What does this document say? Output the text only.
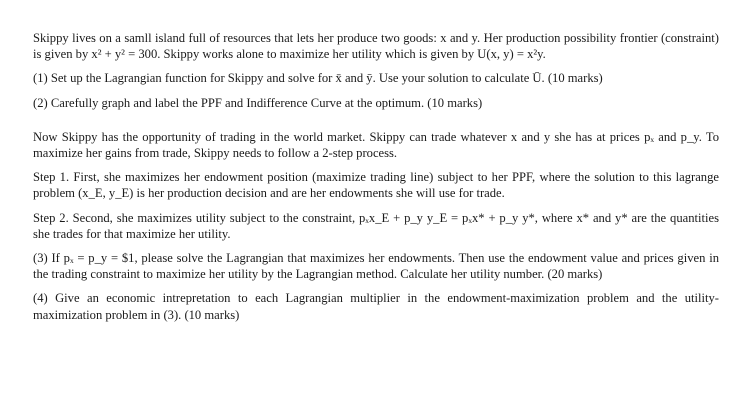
Skippy lives on a samll island full of resources that lets her produce two goods: x and y. Her production possibility frontier (constraint) is given by x² + y² = 300. Skippy works alone to maximize her utility which is given by U(x, y) = x²y.

(1) Set up the Lagrangian function for Skippy and solve for x̄ and ȳ. Use your solution to calculate Ū. (10 marks)

(2) Carefully graph and label the PPF and Indifference Curve at the optimum. (10 marks)

Now Skippy has the opportunity of trading in the world market. Skippy can trade whatever x and y she has at prices pₓ and p_y. To maximize her gains from trade, Skippy needs to follow a 2-step process.

Step 1. First, she maximizes her endowment position (maximize trading line) subject to her PPF, where the solution to this lagrange problem (x_E, y_E) is her production decision and are her endowments she will use for trade.

Step 2. Second, she maximizes utility subject to the constraint, pₓx_E + p_y y_E = pₓx* + p_y y*, where x* and y* are the quantities she trades for that maximize her utility.

(3) If pₓ = p_y = $1, please solve the Lagrangian that maximizes her endowments. Then use the endowment value and prices given in the trading constraint to maximize her utility by the Lagrangian method. Calculate her utility number. (20 marks)

(4) Give an economic intrepretation to each Lagrangian multiplier in the endowment-maximization problem and the utility-maximization problem in (3). (10 marks)
